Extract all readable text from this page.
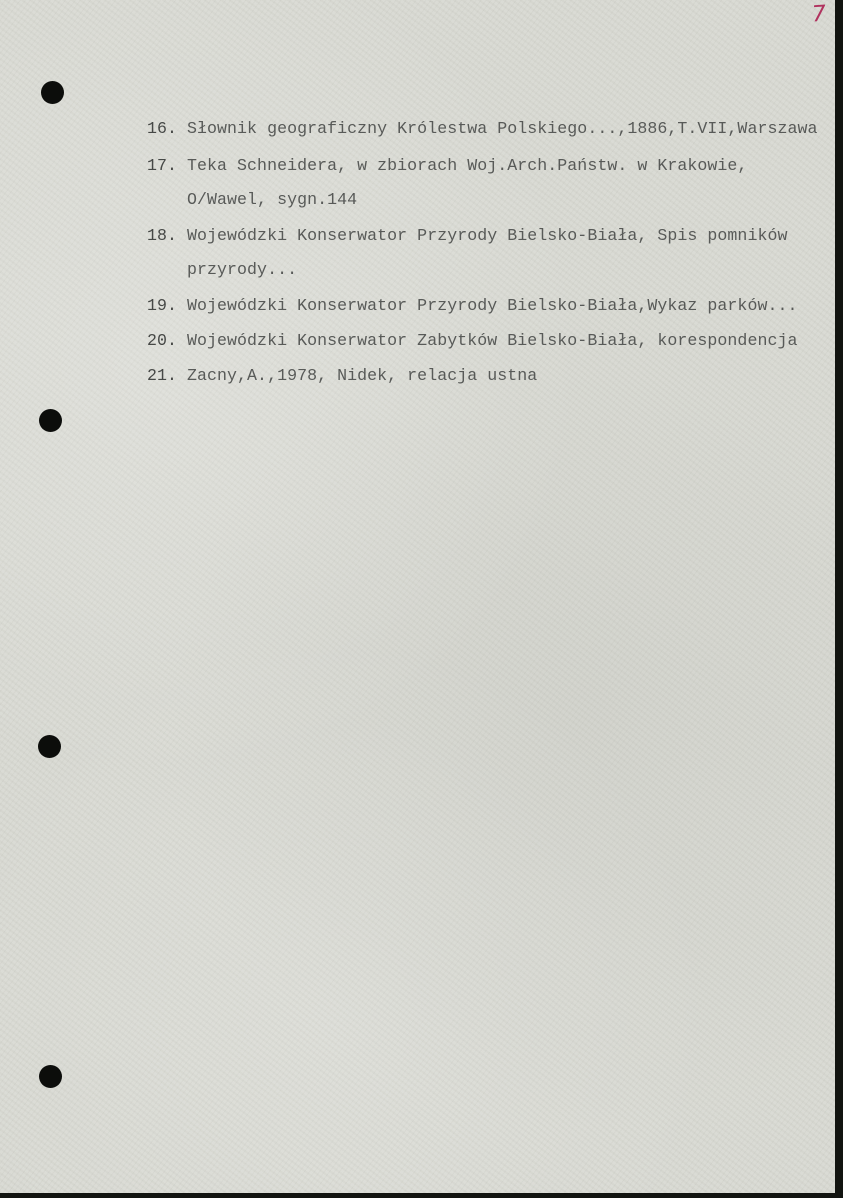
7
16. Słownik geograficzny Królestwa Polskiego...,1886,T.VII,Warszawa
17. Teka Schneidera, w zbiorach Woj.Arch.Państw. w Krakowie,
O/Wawel, sygn.144
18. Wojewódzki Konserwator Przyrody Bielsko-Biała, Spis pomników
przyrody...
19. Wojewódzki Konserwator Przyrody Bielsko-Biała,Wykaz parków...
20. Wojewódzki Konserwator Zabytków Bielsko-Biała, korespondencja
21. Zacny,A.,1978, Nidek, relacja ustna
